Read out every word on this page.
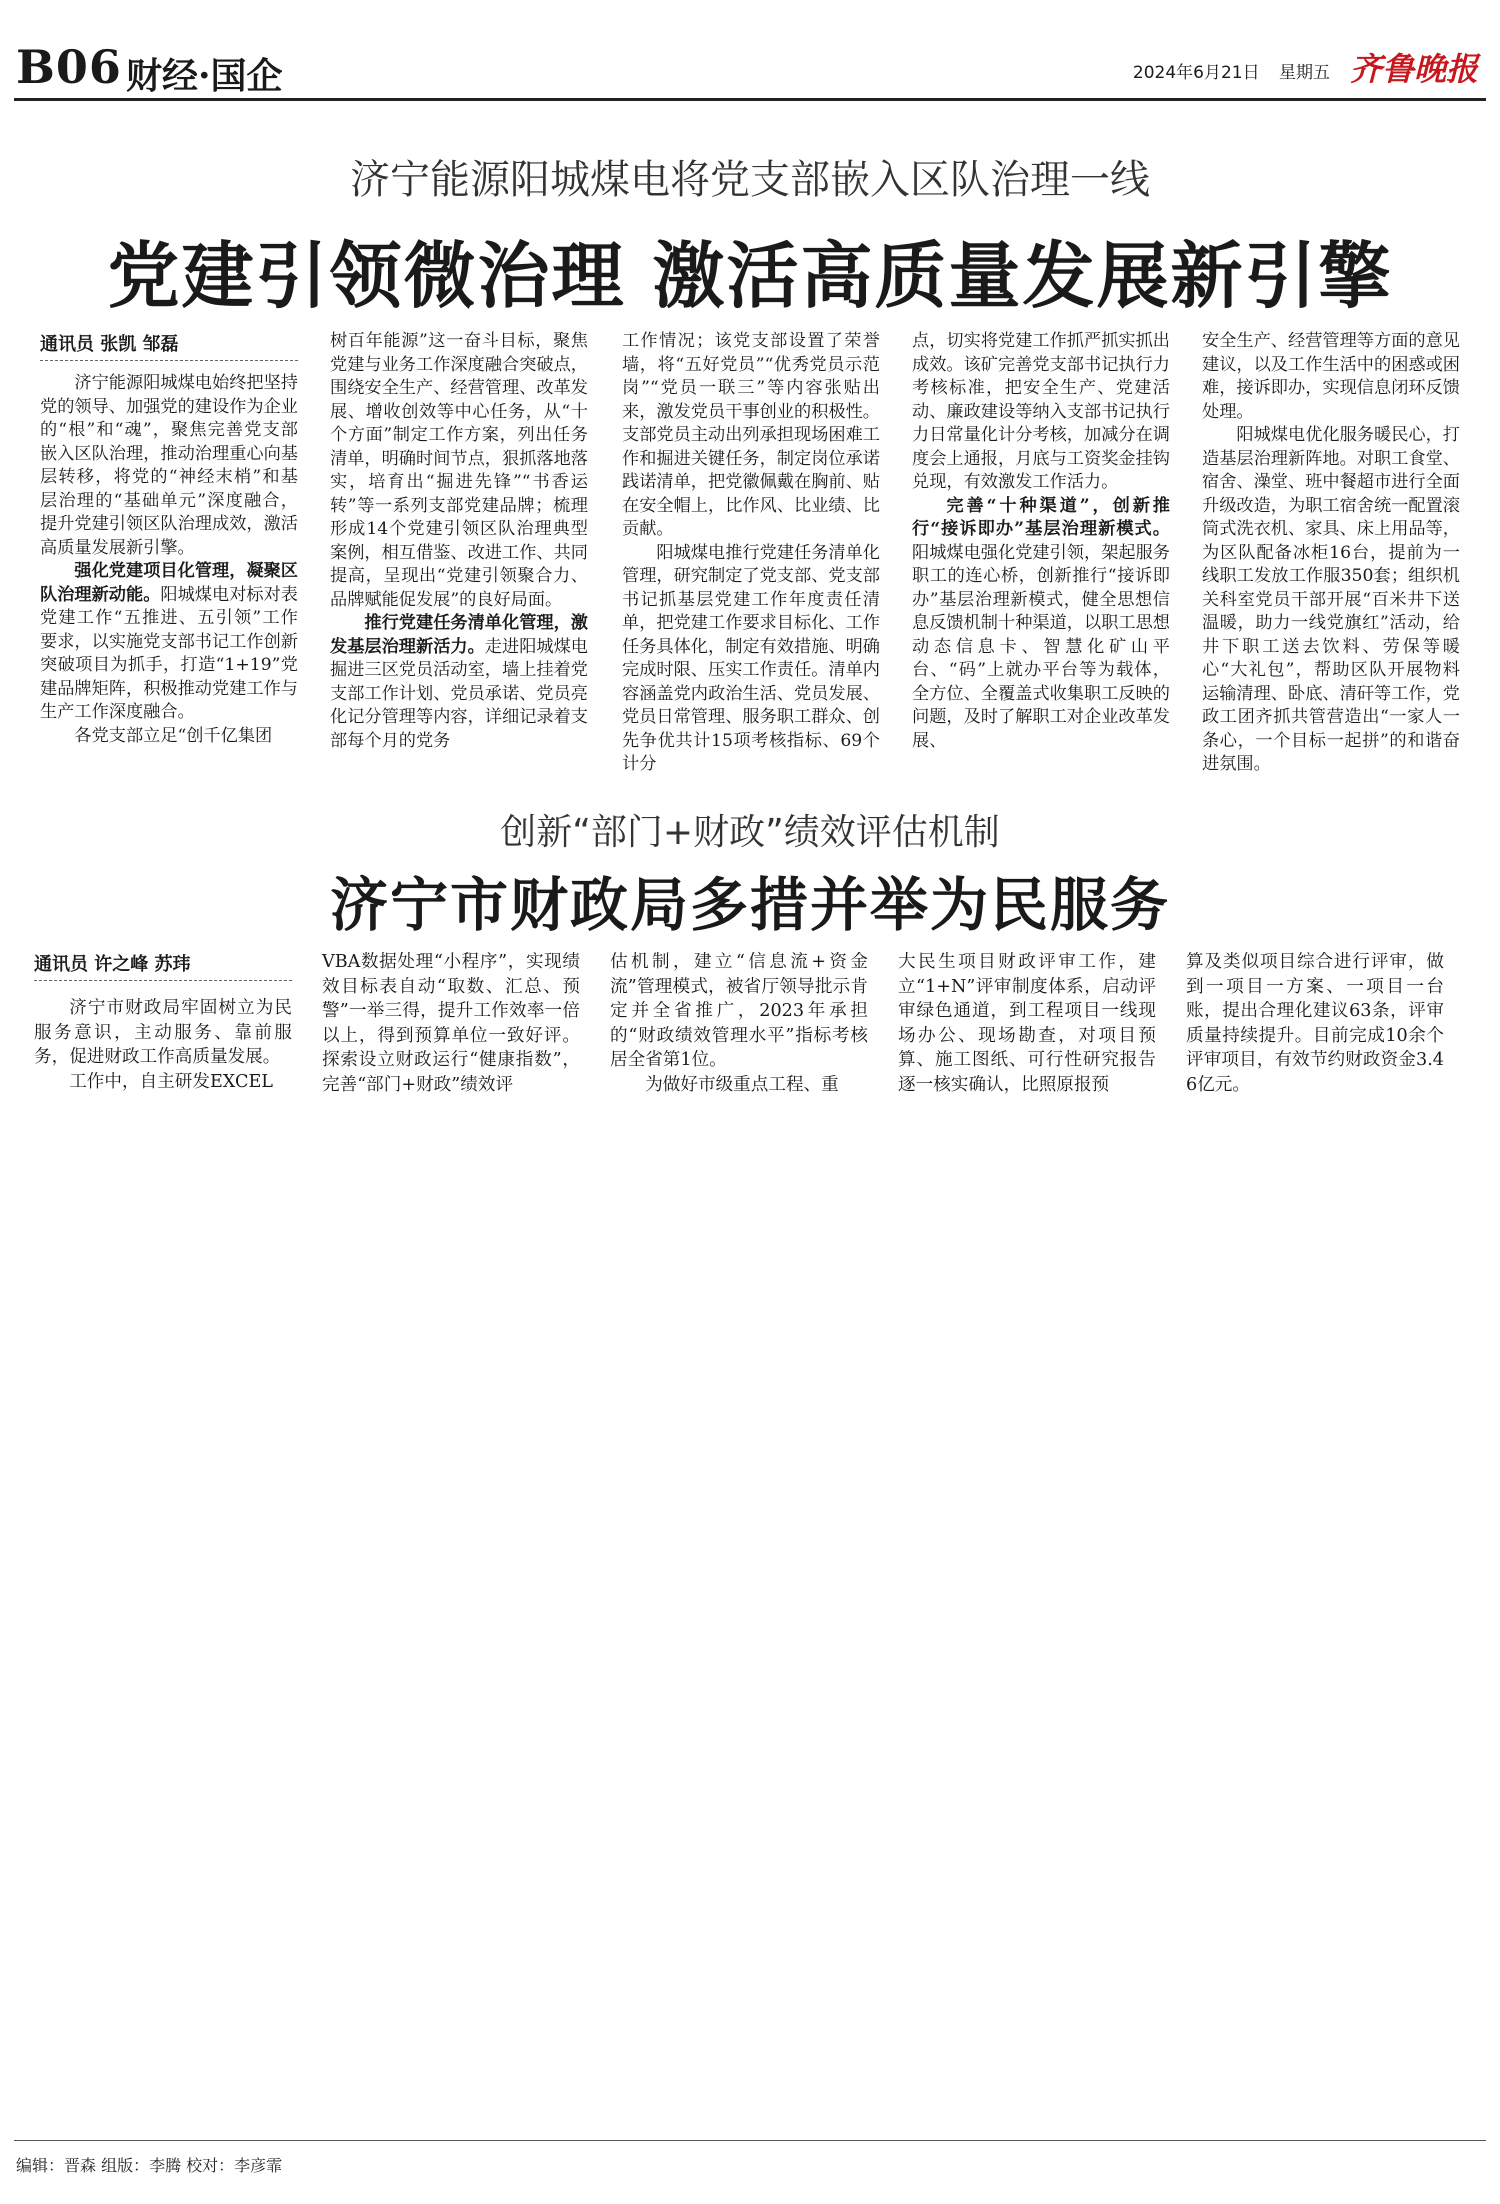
B06 财经·国企	2024年6月21日 星期五 齐鲁晚报
济宁能源阳城煤电将党支部嵌入区队治理一线
党建引领微治理 激活高质量发展新引擎
通讯员 张凯 邹磊

济宁能源阳城煤电始终把坚持党的领导、加强党的建设作为企业的“根”和“魂”，聚焦完善党支部嵌入区队治理，推动治理重心向基层转移，将党的“神经末梢”和基层治理的“基础单元”深度融合，提升党建引领区队治理成效，激活高质量发展新引擎。

强化党建项目化管理，凝聚区队治理新动能。阳城煤电对标对表党建工作“五推进、五引领”工作要求，以实施党支部书记工作创新突破项目为抓手，打造“1+19”党建品牌矩阵，积极推动党建工作与生产工作深度融合。

各党支部立足“创千亿集团

树百年能源”这一奋斗目标，聚焦党建与业务工作深度融合突破点，围绕安全生产、经营管理、改革发展、增收创效等中心任务，从“十个方面”制定工作方案，列出任务清单，明确时间节点，狠抓落地落实，培育出“掘进先锋”“书香运转”等一系列支部党建品牌；梳理形成14个党建引领区队治理典型案例，相互借鉴、改进工作、共同提高，呈现出“党建引领聚合力、品牌赋能促发展”的良好局面。

推行党建任务清单化管理，激发基层治理新活力。走进阳城煤电掘进三区党员活动室，墙上挂着党支部工作计划、党员承诺、党员亮化记分管理等内容，详细记录着支部每个月的党务

工作情况；该党支部设置了荣誉墙，将“五好党员”“优秀党员示范岗”“党员一联三”等内容张贴出来，激发党员干事创业的积极性。支部党员主动出列承担现场困难工作和掘进关键任务，制定岗位承诺践诺清单，把党徽佩戴在胸前、贴在安全帽上，比作风、比业绩、比贡献。

阳城煤电推行党建任务清单化管理，研究制定了党支部、党支部书记抓基层党建工作年度责任清单，把党建工作要求目标化、工作任务具体化，制定有效措施、明确完成时限、压实工作责任。清单内容涵盖党内政治生活、党员发展、党员日常管理、服务职工群众、创先争优共计15项考核指标、69个计分

点，切实将党建工作抓严抓实抓出成效。该矿完善党支部书记执行力考核标准，把安全生产、党建活动、廉政建设等纳入支部书记执行力日常量化计分考核，加减分在调度会上通报，月底与工资奖金挂钩兑现，有效激发工作活力。

完善“十种渠道”，创新推行“接诉即办”基层治理新模式。阳城煤电强化党建引领，架起服务职工的连心桥，创新推行“接诉即办”基层治理新模式，健全思想信息反馈机制十种渠道，以职工思想动态信息卡、智慧化矿山平台、“码”上就办平台等为载体，全方位、全覆盖式收集职工反映的问题，及时了解职工对企业改革发展、

安全生产、经营管理等方面的意见建议，以及工作生活中的困惑或困难，接诉即办，实现信息闭环反馈处理。

阳城煤电优化服务暖民心，打造基层治理新阵地。对职工食堂、宿舍、澡堂、班中餐超市进行全面升级改造，为职工宿舍统一配置滚筒式洗衣机、家具、床上用品等，为区队配备冰柜16台，提前为一线职工发放工作服350套；组织机关科室党员干部开展“百米井下送温暖，助力一线党旗红”活动，给井下职工送去饮料、劳保等暖心“大礼包”，帮助区队开展物料运输清理、卧底、清矸等工作，党政工团齐抓共管营造出“一家人一条心，一个目标一起拼”的和谐奋进氛围。

创新“部门+财政”绩效评估机制
济宁市财政局多措并举为民服务
通讯员 许之峰 苏玮

济宁市财政局牢固树立为民服务意识，主动服务、靠前服务，促进财政工作高质量发展。

工作中，自主研发EXCEL

VBA数据处理“小程序”，实现绩效目标表自动“取数、汇总、预警”一举三得，提升工作效率一倍以上，得到预算单位一致好评。探索设立财政运行“健康指数”，完善“部门+财政”绩效评

估机制，建立“信息流+资金流”管理模式，被省厅领导批示肯定并全省推广，2023年承担的“财政绩效管理水平”指标考核居全省第1位。

为做好市级重点工程、重

大民生项目财政评审工作，建立“1+N”评审制度体系，启动评审绿色通道，到工程项目一线现场办公、现场勘查，对项目预算、施工图纸、可行性研究报告逐一核实确认，比照原报预

算及类似项目综合进行评审，做到一项目一方案、一项目一台账，提出合理化建议63条，评审质量持续提升。目前完成10余个评审项目，有效节约财政资金3.46亿元。

编辑：晋森 组版：李腾 校对：李彦霏
